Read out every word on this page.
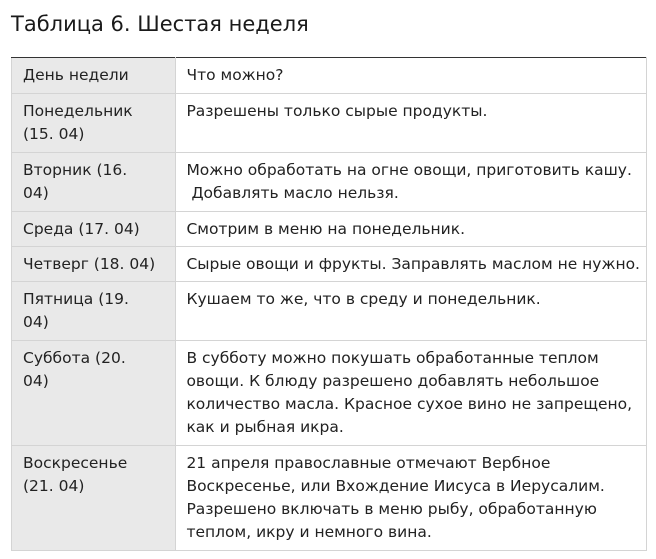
Таблица 6. Шестая неделя
День недели	Что можно?

Понедельник
(15. 04)	Разрешены только сырые продукты.

Вторник (16.
04)	Можно обработать на огне овощи, приготовить кашу.
Добавлять масло нельзя.

Среда (17. 04)	Смотрим в меню на понедельник.

Четверг (18. 04)	Сырые овощи и фрукты. Заправлять маслом не нужно.

Пятница (19.
04)	Кушаем то же, что в среду и понедельник.

Суббота (20.
04)	В субботу можно покушать обработанные теплом
овощи. К блюду разрешено добавлять небольшое
количество масла. Красное сухое вино не запрещено,
как и рыбная икра.

Воскресенье
(21. 04)	21 апреля православные отмечают Вербное
Воскресенье, или Вхождение Иисуса в Иерусалим.
Разрешено включать в меню рыбу, обработанную
теплом, икру и немного вина.
